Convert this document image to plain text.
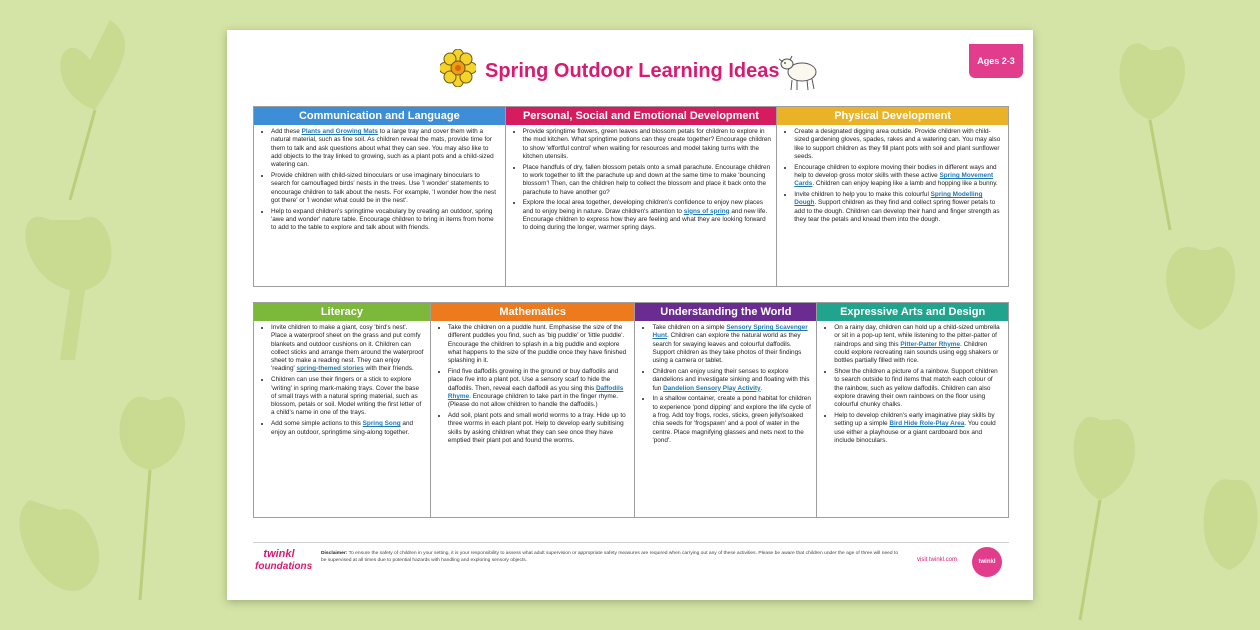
Spring Outdoor Learning Ideas	Ages 2-3
Communication and Language
• Add these Plants and Growing Mats to a large tray and cover them with a natural material, such as fine soil. As children reveal the mats, provide time for them to talk and ask questions about what they can see. You may also like to add objects to the tray linked to growing, such as a plant pots and a child-sized watering can.
• Provide children with child-sized binoculars or use imaginary binoculars to search for camouflaged birds' nests in the trees. Use 'I wonder' statements to encourage children to talk about the nests. For example, 'I wonder how the nest got there' or 'I wonder what could be in the nest'.
• Help to expand children's springtime vocabulary by creating an outdoor, spring 'awe and wonder' nature table. Encourage children to bring in items from home to add to the table to explore and talk about with friends.
Personal, Social and Emotional Development
• Provide springtime flowers, green leaves and blossom petals for children to explore in the mud kitchen. What springtime potions can they create together? Encourage children to show 'effortful control' when waiting for resources and model taking turns with the kitchen utensils.
• Place handfuls of dry, fallen blossom petals onto a small parachute. Encourage children to work together to lift the parachute up and down at the same time to make 'bouncing blossom'! Then, can the children help to collect the blossom and place it back onto the parachute to have another go?
• Explore the local area together, developing children's confidence to enjoy new places and to enjoy being in nature. Draw children's attention to signs of spring and new life. Encourage children to express how they are feeling and what they are looking forward to doing during the longer, warmer spring days.
Physical Development
• Create a designated digging area outside. Provide children with child-sized gardening gloves, spades, rakes and a watering can. You may also like to support children as they fill plant pots with soil and plant sunflower seeds.
• Encourage children to explore moving their bodies in different ways and help to develop gross motor skills with these active Spring Movement Cards. Children can enjoy leaping like a lamb and hopping like a bunny.
• Invite children to help you to make this colourful Spring Modelling Dough. Support children as they find and collect spring flower petals to add to the dough. Children can develop their hand and finger strength as they tear the petals and knead them into the dough.
Literacy
• Invite children to make a giant, cosy 'bird's nest'. Place a waterproof sheet on the grass and put comfy blankets and outdoor cushions on it. Children can collect sticks and arrange them around the waterproof sheet to make a reading nest. They can enjoy 'reading' spring-themed stories with their friends.
• Children can use their fingers or a stick to explore 'writing' in spring mark-making trays. Cover the base of small trays with a natural spring material, such as blossom, petals or soil. Model writing the first letter of a child's name in one of the trays.
• Add some simple actions to this Spring Song and enjoy an outdoor, springtime sing-along together.
Mathematics
• Take the children on a puddle hunt. Emphasise the size of the different puddles you find, such as 'big puddle' or 'little puddle'. Encourage the children to splash in a big puddle and explore what happens to the size of the puddle once they have finished splashing in it.
• Find five daffodils growing in the ground or buy daffodils and place five into a plant pot. Use a sensory scarf to hide the daffodils. Then, reveal each daffodil as you sing this Daffodils Rhyme. Encourage children to take part in the finger rhyme. (Please do not allow children to handle the daffodils.)
• Add soil, plant pots and small world worms to a tray. Hide up to three worms in each plant pot. Help to develop early subitising skills by asking children what they can see once they have emptied their plant pot and found the worms.
Understanding the World
• Take children on a simple Sensory Spring Scavenger Hunt. Children can explore the natural world as they search for swaying leaves and colourful daffodils. Support children as they take photos of their findings using a camera or tablet.
• Children can enjoy using their senses to explore dandelions and investigate sinking and floating with this fun Dandelion Sensory Play Activity.
• In a shallow container, create a pond habitat for children to experience 'pond dipping' and explore the life cycle of a frog. Add toy frogs, rocks, sticks, green jelly/soaked chia seeds for 'frogspawn' and a pool of water in the centre. Place magnifying glasses and nets next to the 'pond'.
Expressive Arts and Design
• On a rainy day, children can hold up a child-sized umbrella or sit in a pop-up tent, while listening to the pitter-patter of raindrops and sing this Pitter-Patter Rhyme. Children could explore recreating rain sounds using egg shakers or bottles partially filled with rice.
• Show the children a picture of a rainbow. Support children to search outside to find items that match each colour of the rainbow, such as yellow daffodils. Children can also explore drawing their own rainbows on the floor using colourful chunky chalks.
• Help to develop children's early imaginative play skills by setting up a simple Bird Hide Role-Play Area. You could use either a playhouse or a giant cardboard box and include binoculars.
twinkl
foundations
Disclaimer: To ensure the safety of children in your setting, it is your responsibility to assess what adult supervision or appropriate safety measures are required when carrying out any of these activities. Please be aware that children under the age of three will need to be supervised at all times due to potential hazards with handling and exploring sensory objects.	visit twinkl.com	twinkl
